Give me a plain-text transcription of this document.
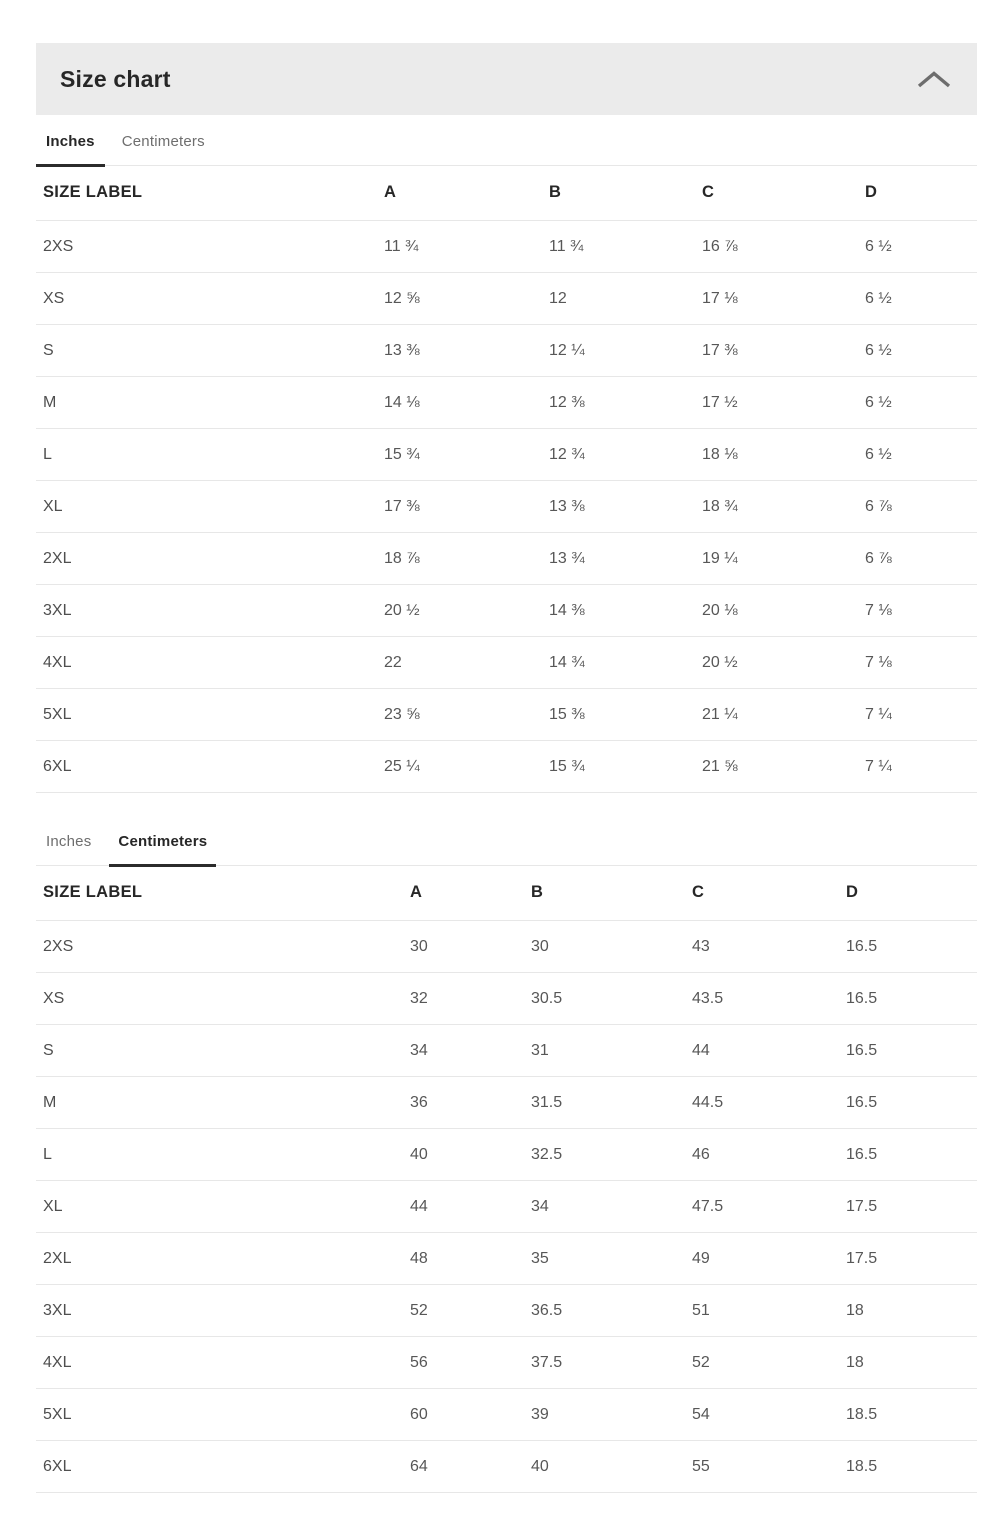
Size chart
Inches	Centimeters
SIZE LABEL	A	B	C	D
2XS	11 ¾	11 ¾	16 ⅞	6 ½
XS	12 ⅝	12	17 ⅛	6 ½
S	13 ⅜	12 ¼	17 ⅜	6 ½
M	14 ⅛	12 ⅜	17 ½	6 ½
L	15 ¾	12 ¾	18 ⅛	6 ½
XL	17 ⅜	13 ⅜	18 ¾	6 ⅞
2XL	18 ⅞	13 ¾	19 ¼	6 ⅞
3XL	20 ½	14 ⅜	20 ⅛	7 ⅛
4XL	22	14 ¾	20 ½	7 ⅛
5XL	23 ⅝	15 ⅜	21 ¼	7 ¼
6XL	25 ¼	15 ¾	21 ⅝	7 ¼
Inches	Centimeters
SIZE LABEL	A	B	C	D
2XS	30	30	43	16.5
XS	32	30.5	43.5	16.5
S	34	31	44	16.5
M	36	31.5	44.5	16.5
L	40	32.5	46	16.5
XL	44	34	47.5	17.5
2XL	48	35	49	17.5
3XL	52	36.5	51	18
4XL	56	37.5	52	18
5XL	60	39	54	18.5
6XL	64	40	55	18.5
